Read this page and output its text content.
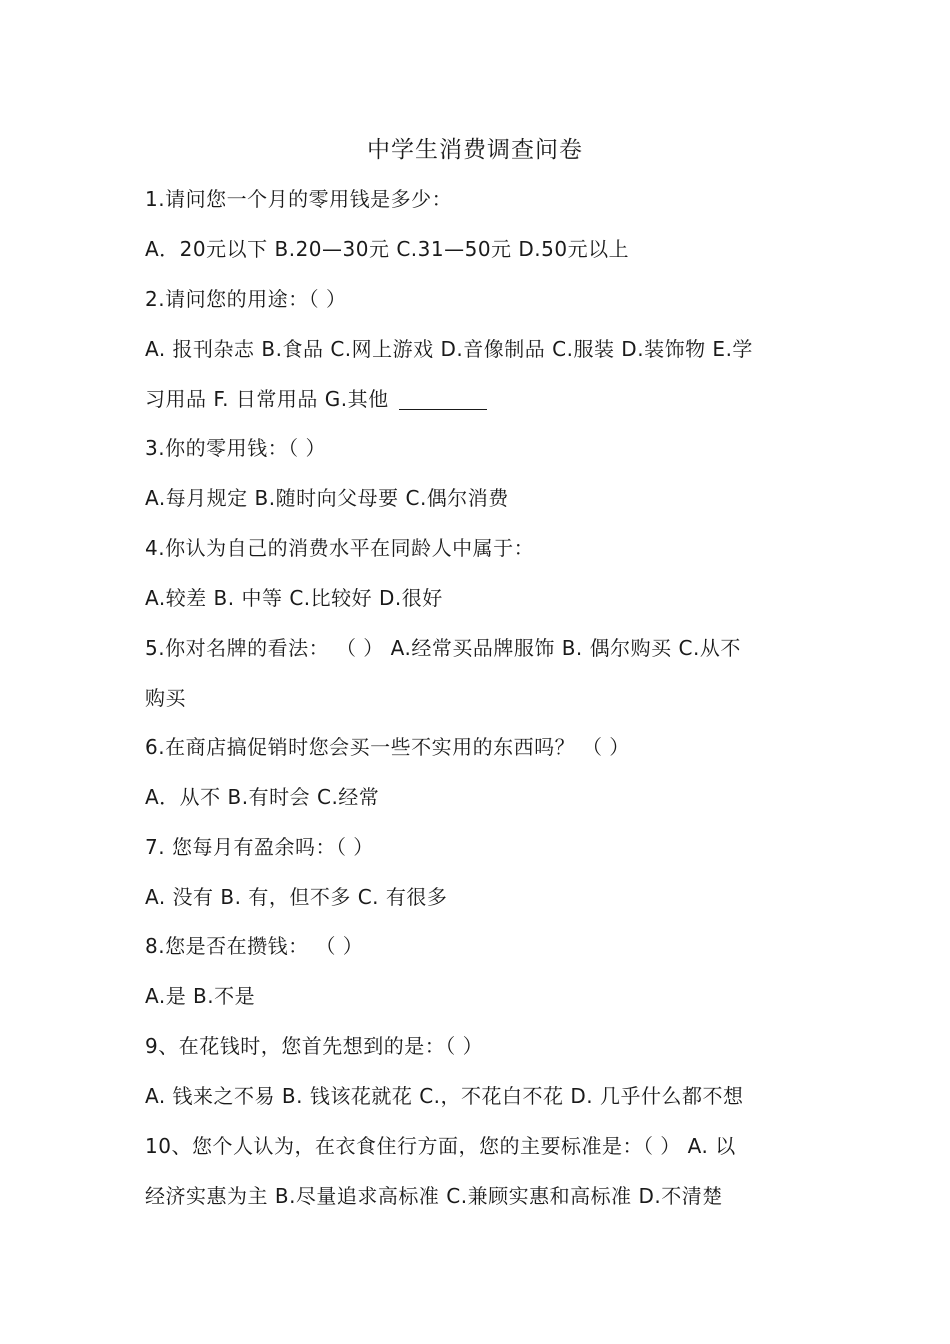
中学生消费调查问卷
1.请问您一个月的零用钱是多少：
A．20元以下 B.20—30元 C.31—50元 D.50元以上
2.请问您的用途：（ ）
A. 报刊杂志 B.食品 C.网上游戏 D.音像制品 C.服装 D.装饰物 E.学
习用品 F. 日常用品 G.其他
3.你的零用钱：（ ）
A.每月规定 B.随时向父母要 C.偶尔消费
4.你认为自己的消费水平在同龄人中属于：
A.较差 B. 中等 C.比较好 D.很好
5.你对名牌的看法： （ ） A.经常买品牌服饰 B. 偶尔购买 C.从不
购买
6.在商店搞促销时您会买一些不实用的东西吗？ （ ）
A．从不 B.有时会 C.经常
7. 您每月有盈余吗：（ ）
A. 没有 B. 有，但不多 C. 有很多
8.您是否在攒钱： （ ）
A.是 B.不是
9、在花钱时，您首先想到的是：（ ）
A. 钱来之不易 B. 钱该花就花 C.，不花白不花 D. 几乎什么都不想
10、您个人认为，在衣食住行方面，您的主要标准是：（ ） A. 以
经济实惠为主 B.尽量追求高标准 C.兼顾实惠和高标准 D.不清楚
